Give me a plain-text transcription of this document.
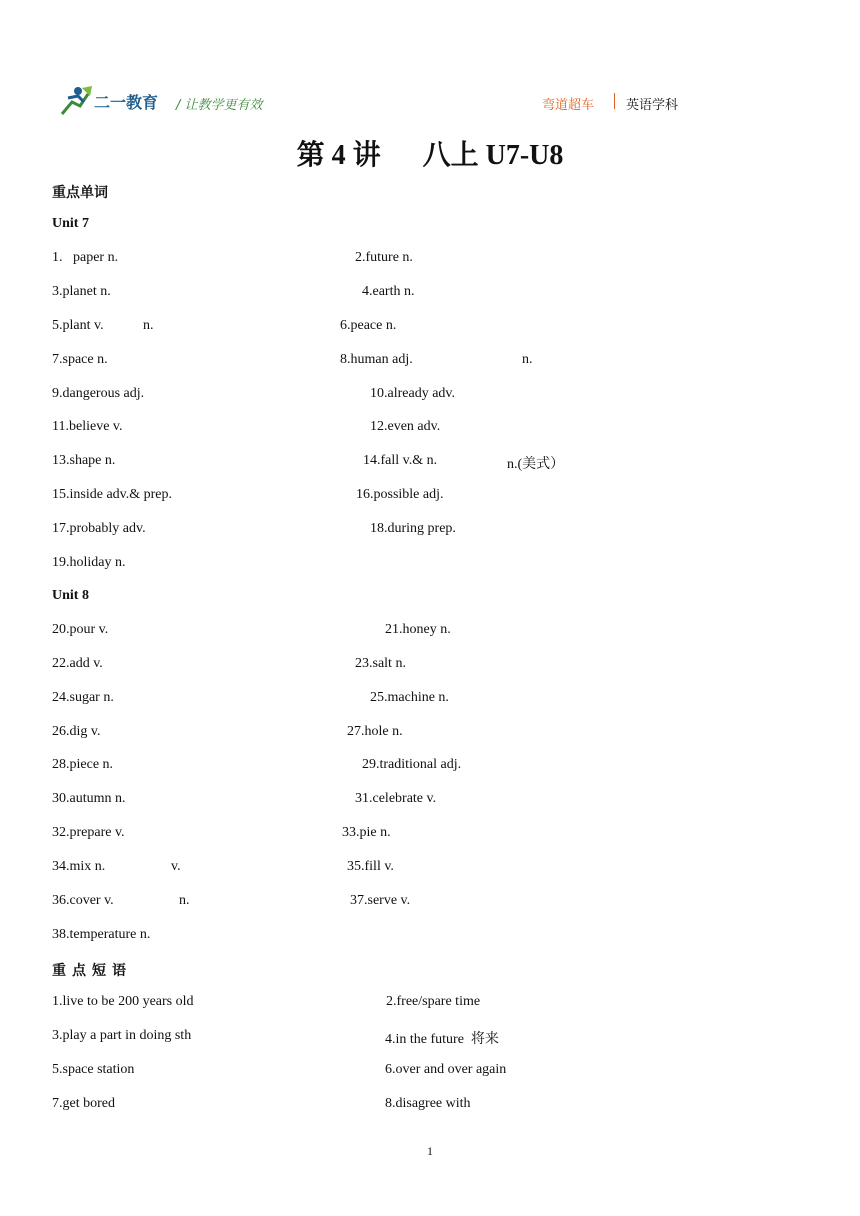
二一教育 / 让教学更有效	弯道超车 英语学科
第 4 讲      八上 U7-U8
重点单词
Unit 7
1.   paper n.	2.future n.
3.planet n.	4.earth n.
5.plant v.	n.	6.peace n.
7.space n.	8.human adj.	n.
9.dangerous adj.	10.already adv.
11.believe v.	12.even adv.
13.shape n.	14.fall v.& n.	n.(美式）
15.inside adv.& prep.	16.possible adj.
17.probably adv.	18.during prep.
19.holiday n.
Unit 8
20.pour v.	21.honey n.
22.add v.	23.salt n.
24.sugar n.	25.machine n.
26.dig v.	27.hole n.
28.piece n.	29.traditional adj.
30.autumn n.	31.celebrate v.
32.prepare v.	33.pie n.
34.mix n.	v.	35.fill v.
36.cover v.	n.	37.serve v.
38.temperature n.
重点短语
1.live to be 200 years old	2.free/spare time
3.play a part in doing sth	4.in the future  将来
5.space station	6.over and over again
7.get bored	8.disagree with
1
